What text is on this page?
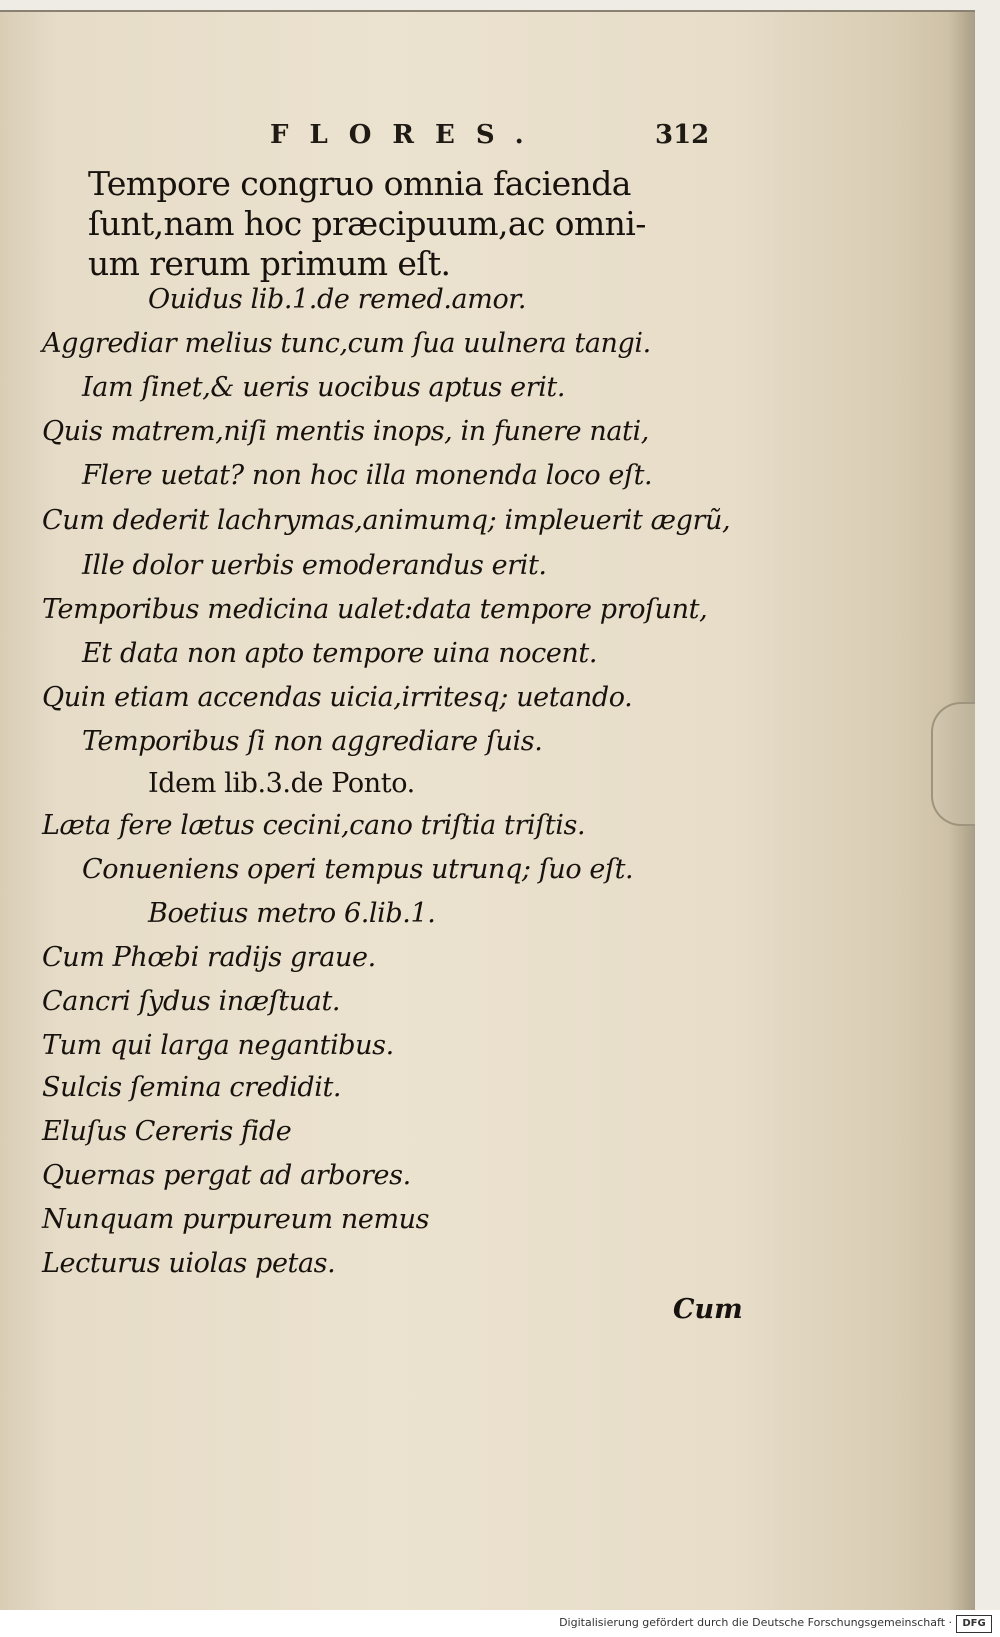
FLORES.	312
Tempore congruo omnia facienda
ſunt,nam hoc præcipuum,ac omni-
um rerum primum eſt.
Ouidus lib.1.de remed.amor.
Aggrediar melius tunc,cum ſua uulnera tangi.
Iam ſinet,& ueris uocibus aptus erit.
Quis matrem,niſi mentis inops, in funere nati,
Flere uetat? non hoc illa monenda loco eſt.
Cum dederit lachrymas,animumq; impleuerit ægrũ,
Ille dolor uerbis emoderandus erit.
Temporibus medicina ualet:data tempore proſunt,
Et data non apto tempore uina nocent.
Quin etiam accendas uicia,irritesq; uetando.
Temporibus ſi non aggrediare ſuis.
Idem lib.3.de Ponto.
Læta fere lætus cecini,cano triſtia triſtis.
Conueniens operi tempus utrunq; ſuo eſt.
Boetius metro 6.lib.1.
Cum Phœbi radijs graue.
Cancri ſydus inæſtuat.
Tum qui larga negantibus.
Sulcis ſemina credidit.
Eluſus Cereris fide
Quernas pergat ad arbores.
Nunquam purpureum nemus
Lecturus uiolas petas.
Cum
Digitalisierung gefördert durch die Deutsche Forschungsgemeinschaft ·	DFG
